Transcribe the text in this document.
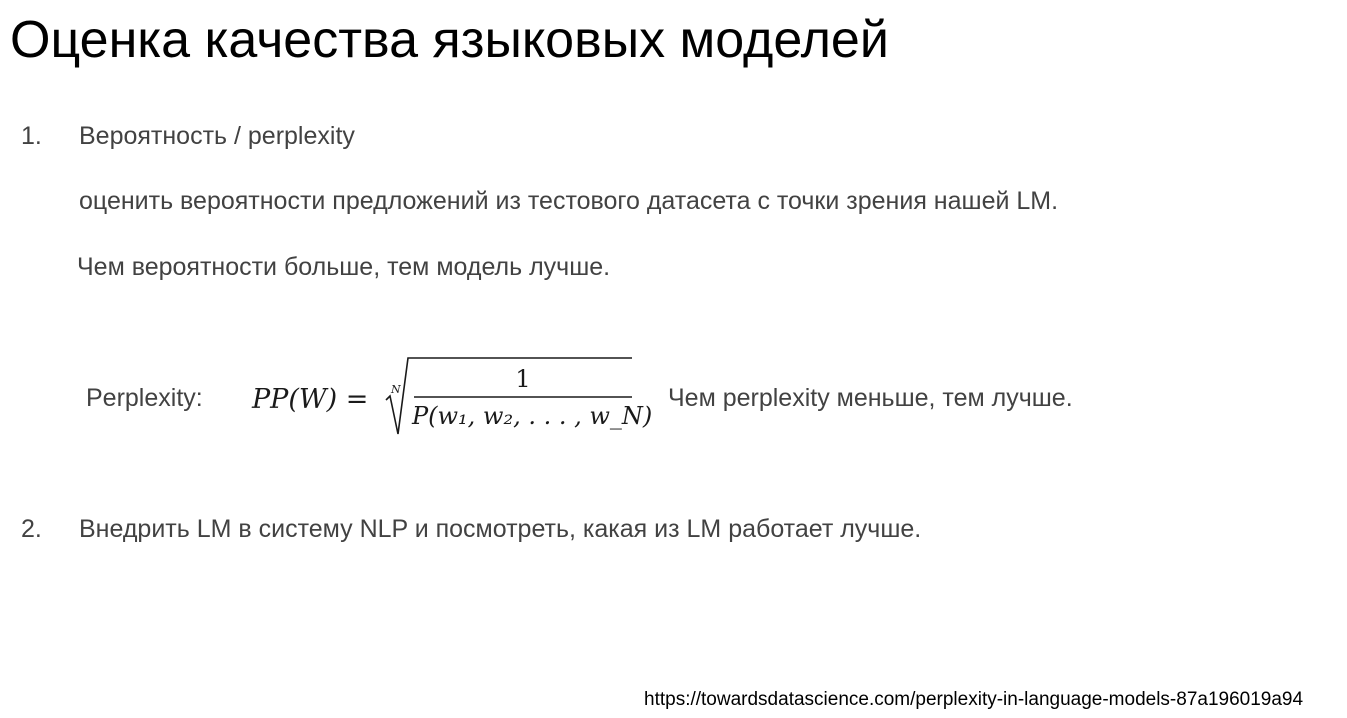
Оценка качества языковых моделей
1. Вероятность / perplexity
оценить вероятности предложений из тестового датасета с точки зрения нашей LM.
Чем вероятности больше, тем модель лучше.
Perplexity: PP(W) = N	1
P(w₁, w₂, . . . , w_N)
Чем perplexity меньше, тем лучше.
2. Внедрить LM в систему NLP и посмотреть, какая из LM работает лучше.
https://towardsdatascience.com/perplexity-in-language-models-87a196019a94
